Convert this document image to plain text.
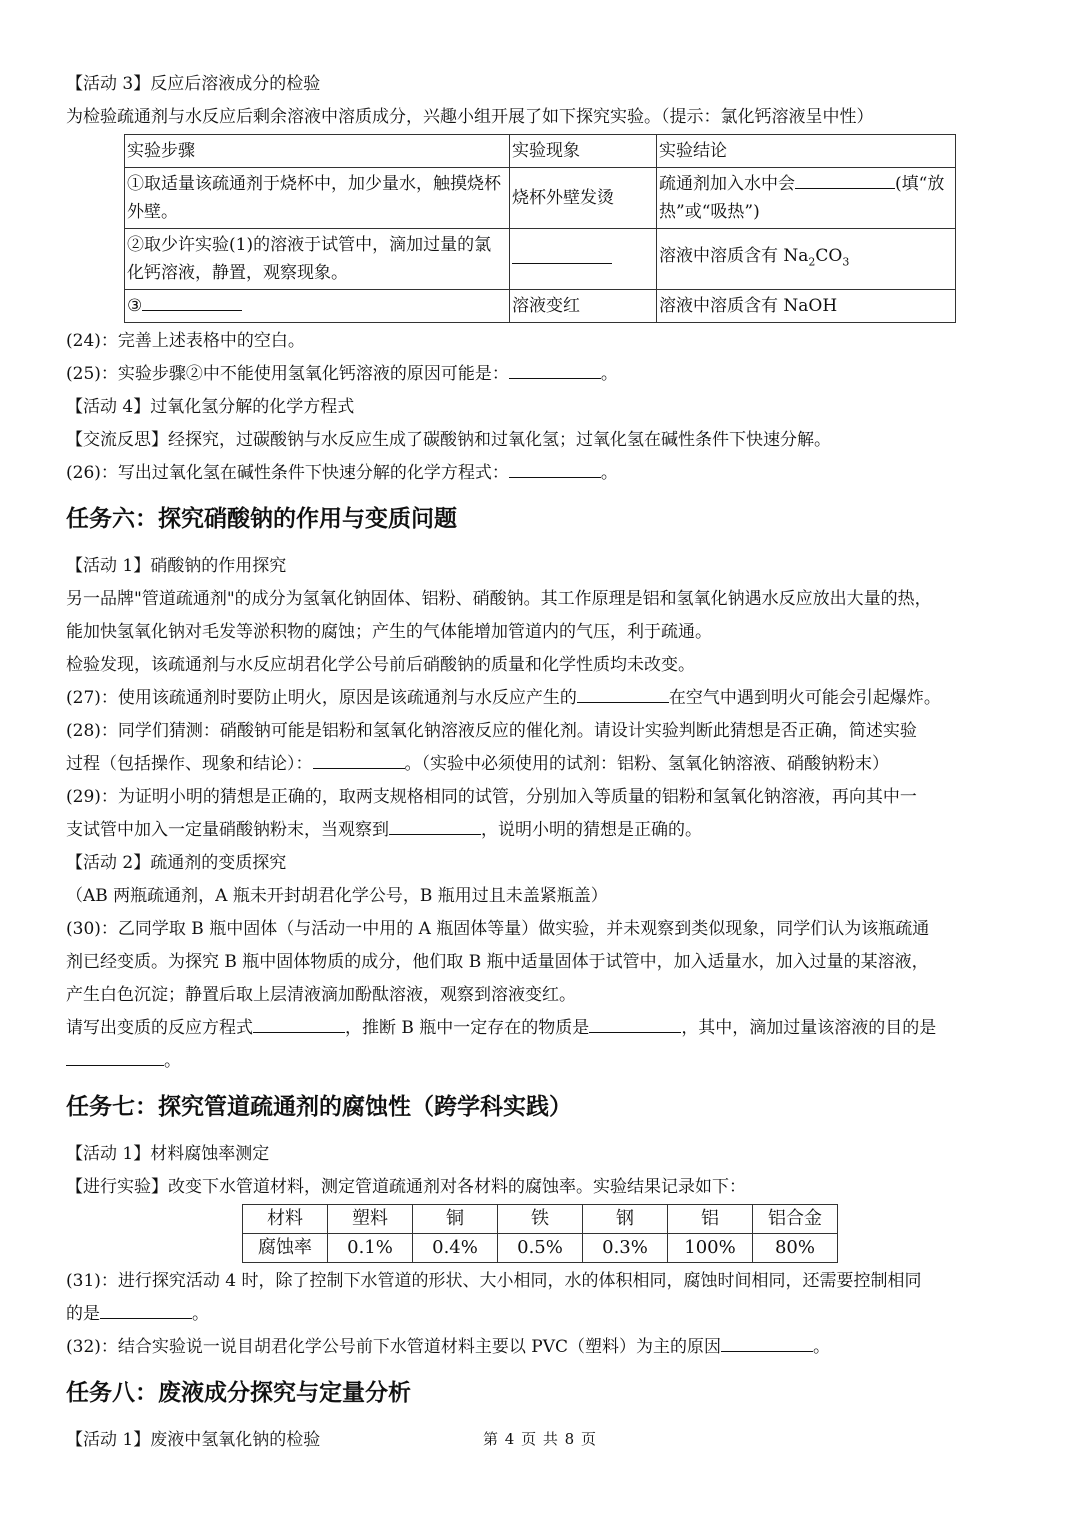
【活动 3】反应后溶液成分的检验

为检验疏通剂与水反应后剩余溶液中溶质成分，兴趣小组开展了如下探究实验。（提示：氯化钙溶液呈中性）

实验步骤	实验现象	实验结论
①取适量该疏通剂于烧杯中，加少量水，触摸烧杯外壁。	烧杯外壁发烫	疏通剂加入水中会 (填“放热”或“吸热”)
②取少许实验(1)的溶液于试管中，滴加过量的氯化钙溶液，静置，观察现象。		溶液中溶质含有 $Na_2CO_3$
③	溶液变红	溶液中溶质含有 NaOH

(24)：完善上述表格中的空白。

(25)：实验步骤②中不能使用氢氧化钙溶液的原因可能是：	。

【活动 4】过氧化氢分解的化学方程式

【交流反思】经探究，过碳酸钠与水反应生成了碳酸钠和过氧化氢；过氧化氢在碱性条件下快速分解。

(26)：写出过氧化氢在碱性条件下快速分解的化学方程式：	。

任务六：探究硝酸钠的作用与变质问题

【活动 1】硝酸钠的作用探究

另一品牌"管道疏通剂"的成分为氢氧化钠固体、铝粉、硝酸钠。其工作原理是铝和氢氧化钠遇水反应放出大量的热，

能加快氢氧化钠对毛发等淤积物的腐蚀；产生的气体能增加管道内的气压，利于疏通。

检验发现，该疏通剂与水反应胡君化学公号前后硝酸钠的质量和化学性质均未改变。

(27)：使用该疏通剂时要防止明火，原因是该疏通剂与水反应产生的	在空气中遇到明火可能会引起爆炸。

(28)：同学们猜测：硝酸钠可能是铝粉和氢氧化钠溶液反应的催化剂。请设计实验判断此猜想是否正确，简述实验

过程（包括操作、现象和结论）：	。（实验中必须使用的试剂：铝粉、氢氧化钠溶液、硝酸钠粉末）

(29)：为证明小明的猜想是正确的，取两支规格相同的试管，分别加入等质量的铝粉和氢氧化钠溶液，再向其中一

支试管中加入一定量硝酸钠粉末，当观察到	，说明小明的猜想是正确的。

【活动 2】疏通剂的变质探究

（AB 两瓶疏通剂，A 瓶未开封胡君化学公号，B 瓶用过且未盖紧瓶盖）

(30)：乙同学取 B 瓶中固体（与活动一中用的 A 瓶固体等量）做实验，并未观察到类似现象，同学们认为该瓶疏通

剂已经变质。为探究 B 瓶中固体物质的成分，他们取 B 瓶中适量固体于试管中，加入适量水，加入过量的某溶液，

产生白色沉淀；静置后取上层清液滴加酚酞溶液，观察到溶液变红。

请写出变质的反应方程式	，推断 B 瓶中一定存在的物质是	，其中，滴加过量该溶液的目的是

。

任务七：探究管道疏通剂的腐蚀性（跨学科实践）

【活动 1】材料腐蚀率测定

【进行实验】改变下水管道材料，测定管道疏通剂对各材料的腐蚀率。实验结果记录如下：

材料	塑料	铜	铁	钢	铝	铝合金
腐蚀率	0.1%	0.4%	0.5%	0.3%	100%	80%

(31)：进行探究活动 4 时，除了控制下水管道的形状、大小相同，水的体积相同，腐蚀时间相同，还需要控制相同

的是	。

(32)：结合实验说一说目胡君化学公号前下水管道材料主要以 PVC（塑料）为主的原因	。

任务八：废液成分探究与定量分析

【活动 1】废液中氢氧化钠的检验	第 4 页 共 8 页
